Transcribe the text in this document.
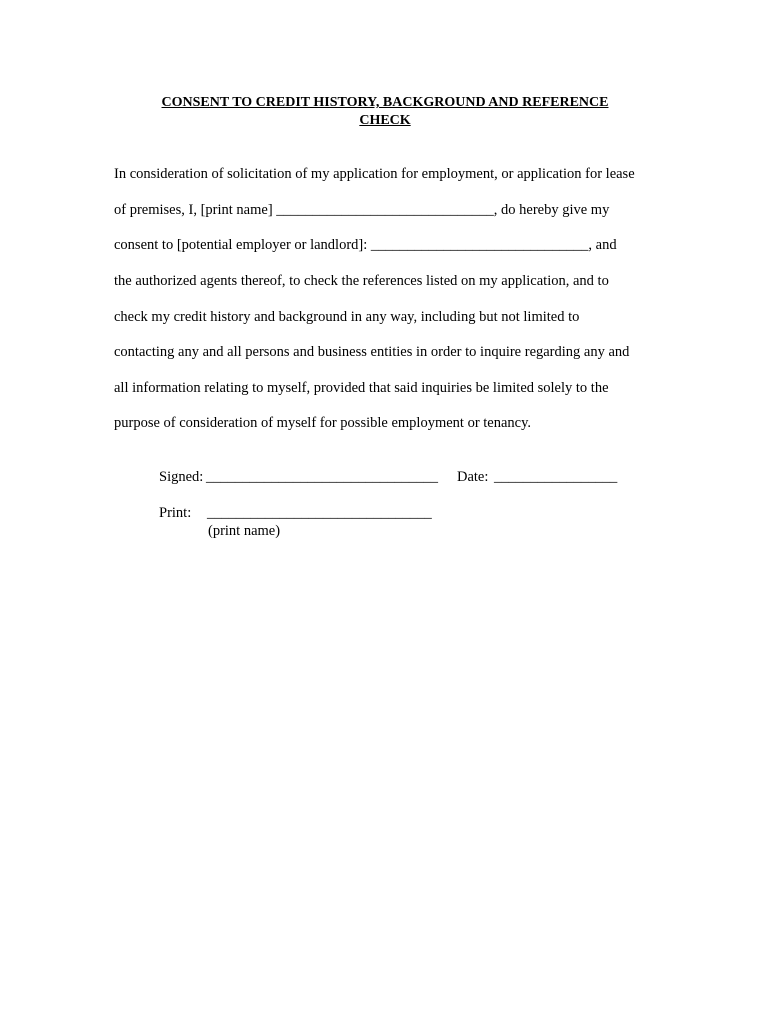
CONSENT TO CREDIT HISTORY, BACKGROUND AND REFERENCE
CHECK
In consideration of solicitation of my application for employment, or application for lease
of premises, I, [print name] ______________________________, do hereby give my
consent to [potential employer or landlord]: ______________________________, and
the authorized agents thereof, to check the references listed on my application, and to
check my credit history and background in any way, including but not limited to
contacting any and all persons and business entities in order to inquire regarding any and
all information relating to myself, provided that said inquiries be limited solely to the
purpose of consideration of myself for possible employment or tenancy.
Signed: ________________________________ Date: _________________
Print: _______________________________
(print name)
